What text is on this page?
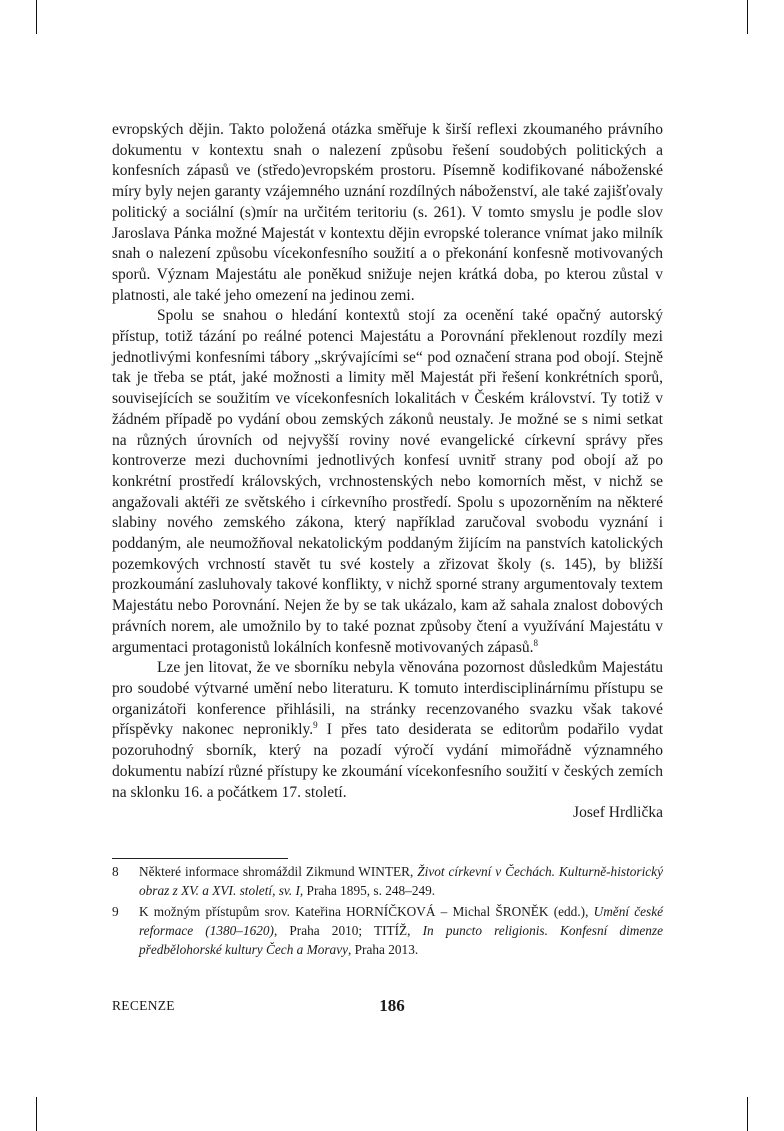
evropských dějin. Takto položená otázka směřuje k širší reflexi zkoumaného právního dokumentu v kontextu snah o nalezení způsobu řešení soudobých politických a konfesních zápasů ve (středo)evropském prostoru. Písemně kodifikované náboženské míry byly nejen garanty vzájemného uznání rozdílných náboženství, ale také zajišťovaly politický a sociální (s)mír na určitém teritoriu (s. 261). V tomto smyslu je podle slov Jaroslava Pánka možné Majestát v kontextu dějin evropské tolerance vnímat jako milník snah o nalezení způsobu vícekonfesního soužití a o překonání konfesně motivovaných sporů. Význam Majestátu ale poněkud snižuje nejen krátká doba, po kterou zůstal v platnosti, ale také jeho omezení na jedinou zemi.

Spolu se snahou o hledání kontextů stojí za ocenění také opačný autorský přístup, totiž tázání po reálné potenci Majestátu a Porovnání překlenout rozdíly mezi jednotlivými konfesními tábory „skrývajícími se“ pod označení strana pod obojí. Stejně tak je třeba se ptát, jaké možnosti a limity měl Majestát při řešení konkrétních sporů, souvisejících se soužitím ve vícekonfesních lokalitách v Českém království. Ty totiž v žádném případě po vydání obou zemských zákonů neustaly. Je možné se s nimi setkat na různých úrovních od nejvyšší roviny nové evangelické církevní správy přes kontroverze mezi duchovními jednotlivých konfesí uvnitř strany pod obojí až po konkrétní prostředí královských, vrchnostenských nebo komorních měst, v nichž se angažovali aktéři ze světského i církevního prostředí. Spolu s upozorněním na některé slabiny nového zemského zákona, který například zaručoval svobodu vyznání i poddaným, ale neumožňoval nekatolickým poddaným žijícím na panstvích katolických pozemkových vrchností stavět tu své kostely a zřizovat školy (s. 145), by bližší prozkoumání zasluhovaly takové konflikty, v nichž sporné strany argumentovaly textem Majestátu nebo Porovnání. Nejen že by se tak ukázalo, kam až sahala znalost dobových právních norem, ale umožnilo by to také poznat způsoby čtení a využívání Majestátu v argumentaci protagonistů lokálních konfesně motivovaných zápasů.$^8$

Lze jen litovat, že ve sborníku nebyla věnována pozornost důsledkům Majestátu pro soudobé výtvarné umění nebo literaturu. K tomuto interdisciplinárnímu přístupu se organizátoři konference přihlásili, na stránky recenzovaného svazku však takové příspěvky nakonec nepronikly.$^9$ I přes tato desiderata se editorům podařilo vydat pozoruhodný sborník, který na pozadí výročí vydání mimořádně významného dokumentu nabízí různé přístupy ke zkoumání vícekonfesního soužití v českých zemích na sklonku 16. a počátkem 17. století.

Josef Hrdlička

8	Některé informace shromáždil Zikmund WINTER, Život církevní v Čechách. Kulturně-historický obraz z XV. a XVI. století, sv. I, Praha 1895, s. 248–249.
9	K možným přístupům srov. Kateřina HORNÍČKOVÁ – Michal ŠRONĚK (edd.), Umění české reformace (1380–1620), Praha 2010; TITÍŽ, In puncto religionis. Konfesní dimenze předbělohorské kultury Čech a Moravy, Praha 2013.
RECENZE	186
